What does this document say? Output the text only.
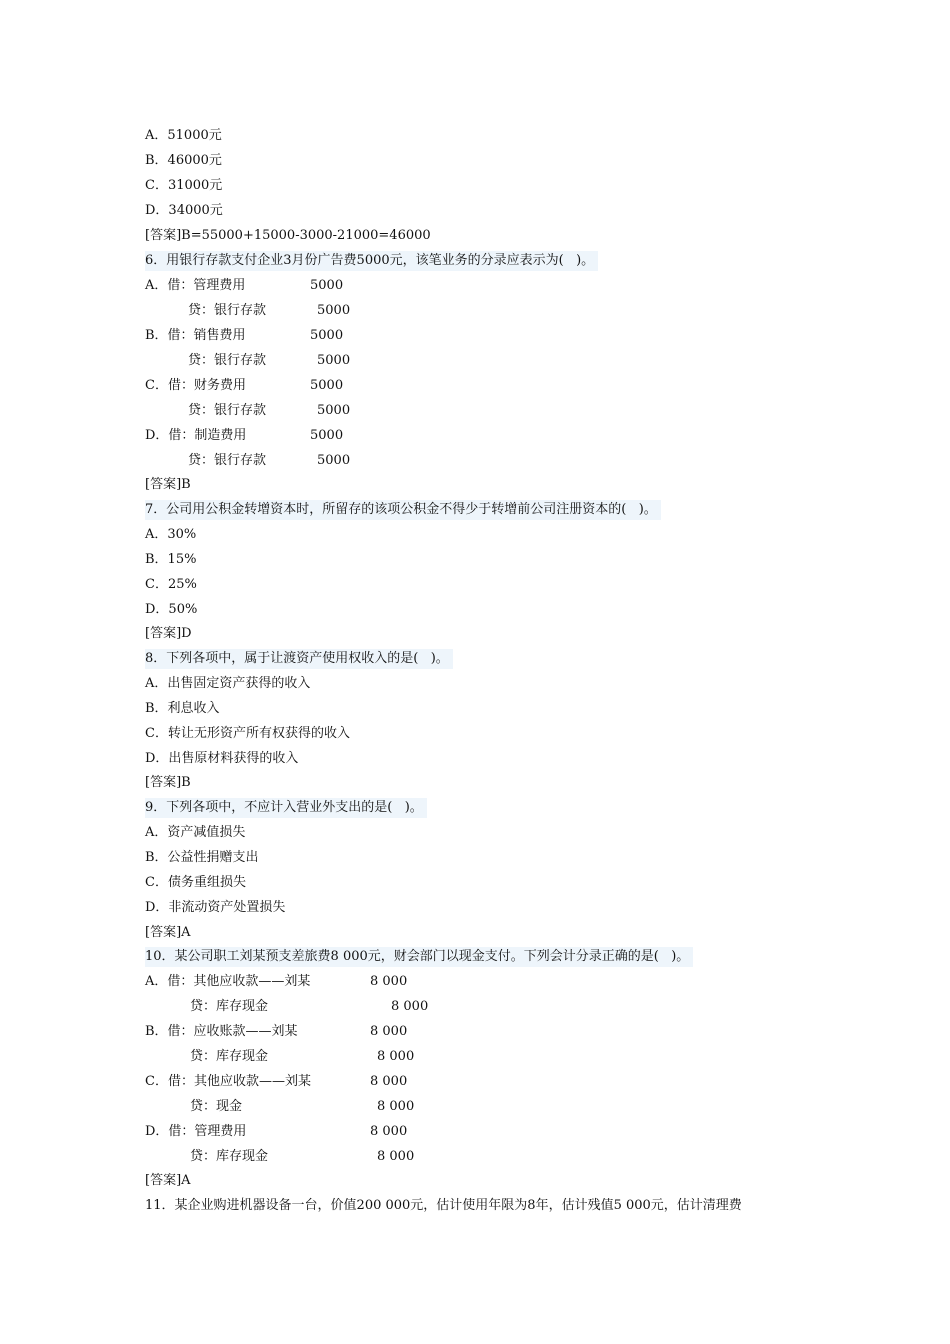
A．51000元
B．46000元
C．31000元
D．34000元
[答案]B=55000+15000-3000-21000=46000
6．用银行存款支付企业3月份广告费5000元，该笔业务的分录应表示为(   )。
A．借：管理费用	5000
贷：银行存款	5000
B．借：销售费用	5000
贷：银行存款	5000
C．借：财务费用	5000
贷：银行存款	5000
D．借：制造费用	5000
贷：银行存款	5000
[答案]B
7．公司用公积金转增资本时，所留存的该项公积金不得少于转增前公司注册资本的(   )。
A．30%
B．15%
C．25%
D．50%
[答案]D
8．下列各项中，属于让渡资产使用权收入的是(   )。
A．出售固定资产获得的收入
B．利息收入
C．转让无形资产所有权获得的收入
D．出售原材料获得的收入
[答案]B
9．下列各项中，不应计入营业外支出的是(   )。
A．资产减值损失
B．公益性捐赠支出
C．债务重组损失
D．非流动资产处置损失
[答案]A
10．某公司职工刘某预支差旅费8 000元，财会部门以现金支付。下列会计分录正确的是(   )。
A．借：其他应收款——刘某	8 000
贷：库存现金	8 000
B．借：应收账款——刘某	8 000
贷：库存现金	8 000
C．借：其他应收款——刘某	8 000
贷：现金	8 000
D．借：管理费用	8 000
贷：库存现金	8 000
[答案]A
11．某企业购进机器设备一台，价值200 000元，估计使用年限为8年，估计残值5 000元，估计清理费
